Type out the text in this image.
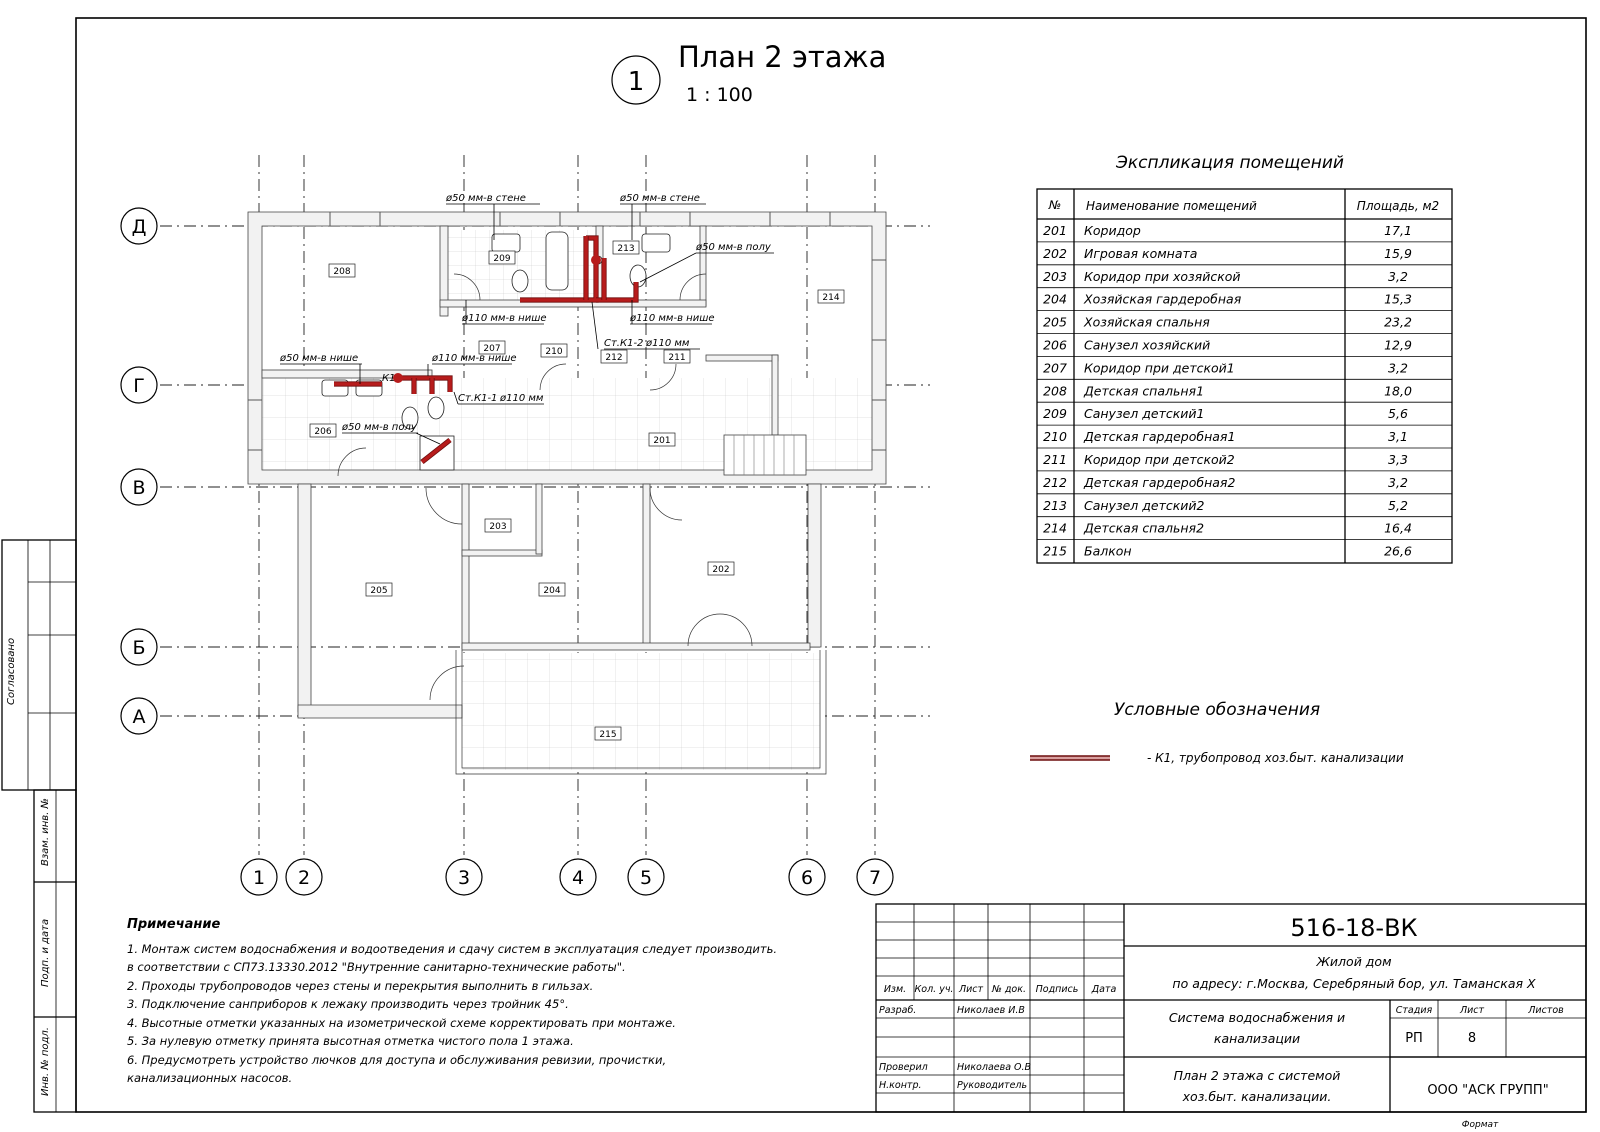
Согласовано
Взам. инв. №
Подп. и дата
Инв. № подл.
1
План 2 этажа
1 : 100
Д
Г
В
Б
А
1 2	3	4	5	6	7
208
209
213
214
207	210
212	211
206
201
203
205	204
202
215
ø50 мм-в стене	ø50 мм-в стене
ø50 мм-в полу
ø110 мм-в нише	ø110 мм-в нише
Ст.К1-2 ø110 мм
ø50 мм-в нише	ø110 мм-в нише
К1
Ст.К1-1 ø110 мм
ø50 мм-в полу
Экспликация помещений
201 Коридор	17,1
202 Игровая комната	15,9
203 Коридор при хозяйской	3,2
204 Хозяйская гардеробная	15,3
205 Хозяйская спальня	23,2
206 Санузел хозяйский	12,9
207 Коридор при детской1	3,2
208 Детская спальня1	18,0
209 Санузел детский1	5,6
210 Детская гардеробная1	3,1
211 Коридор при детской2	3,3
212 Детская гардеробная2	3,2
213 Санузел детский2	5,2
214 Детская спальня2	16,4
215 Балкон	26,6
№ Наименование помещений	Площадь, м2
Условные обозначения
- К1, трубопровод хоз.быт. канализации
Примечание
1. Монтаж систем водоснабжения и водоотведения и сдачу систем в эксплуатация следует производить.
в соответствии с СП73.13330.2012 "Внутренние санитарно-технические работы".
2. Проходы трубопроводов через стены и перекрытия выполнить в гильзах.
3. Подключение санприборов к лежаку производить через тройник 45°.
4. Высотные отметки указанных на изометрической схеме корректировать при монтаже.
5. За нулевую отметку принята высотная отметка чистого пола 1 этажа.
6. Предусмотреть устройство лючков для доступа и обслуживания ревизии, прочистки,
канализационных насосов.
Изм. Кол. уч. Лист № док. Подпись Дата
Разраб.	Николаев И.В
Проверил	Николаева О.В
Н.контр.	Руководитель
Стадия	Лист	Листов
516-18-ВК
Жилой дом
по адресу: г.Москва, Серебряный бор, ул. Таманская Х
Система водоснабжения и
канализации
План 2 этажа с системой
хоз.быт. канализации.
РП	8
ООО "АСК ГРУПП"
Формат
